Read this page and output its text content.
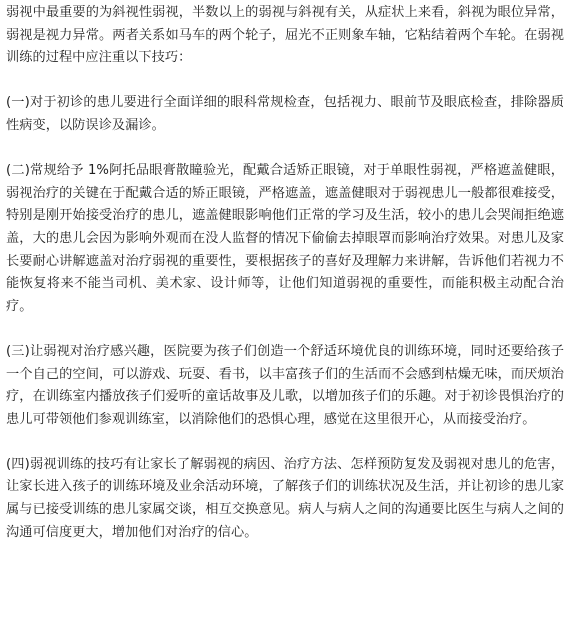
弱视中最重要的为斜视性弱视，半数以上的弱视与斜视有关，从症状上来看，斜视为眼位异常，弱视是视力异常。两者关系如马车的两个轮子，屈光不正则象车轴，它粘结着两个车轮。在弱视训练的过程中应注重以下技巧：

(一)对于初诊的患儿要进行全面详细的眼科常规检查，包括视力、眼前节及眼底检查，排除器质性病变，以防误诊及漏诊。

(二)常规给予 1%阿托品眼膏散瞳验光，配戴合适矫正眼镜，对于单眼性弱视，严格遮盖健眼，弱视治疗的关键在于配戴合适的矫正眼镜，严格遮盖，遮盖健眼对于弱视患儿一般都很难接受，特别是刚开始接受治疗的患儿，遮盖健眼影响他们正常的学习及生活，较小的患儿会哭闹拒绝遮盖，大的患儿会因为影响外观而在没人监督的情况下偷偷去掉眼罩而影响治疗效果。对患儿及家长要耐心讲解遮盖对治疗弱视的重要性，要根据孩子的喜好及理解力来讲解，告诉他们若视力不能恢复将来不能当司机、美术家、设计师等，让他们知道弱视的重要性，而能积极主动配合治疗。

(三)让弱视对治疗感兴趣，医院要为孩子们创造一个舒适环境优良的训练环境，同时还要给孩子一个自己的空间，可以游戏、玩耍、看书，以丰富孩子们的生活而不会感到枯燥无味，而厌烦治疗，在训练室内播放孩子们爱听的童话故事及儿歌，以增加孩子们的乐趣。对于初诊畏惧治疗的患儿可带领他们参观训练室，以消除他们的恐惧心理，感觉在这里很开心，从而接受治疗。

(四)弱视训练的技巧有让家长了解弱视的病因、治疗方法、怎样预防复发及弱视对患儿的危害，让家长进入孩子的训练环境及业余活动环境，了解孩子们的训练状况及生活，并让初诊的患儿家属与已接受训练的患儿家属交谈，相互交换意见。病人与病人之间的沟通要比医生与病人之间的沟通可信度更大，增加他们对治疗的信心。
